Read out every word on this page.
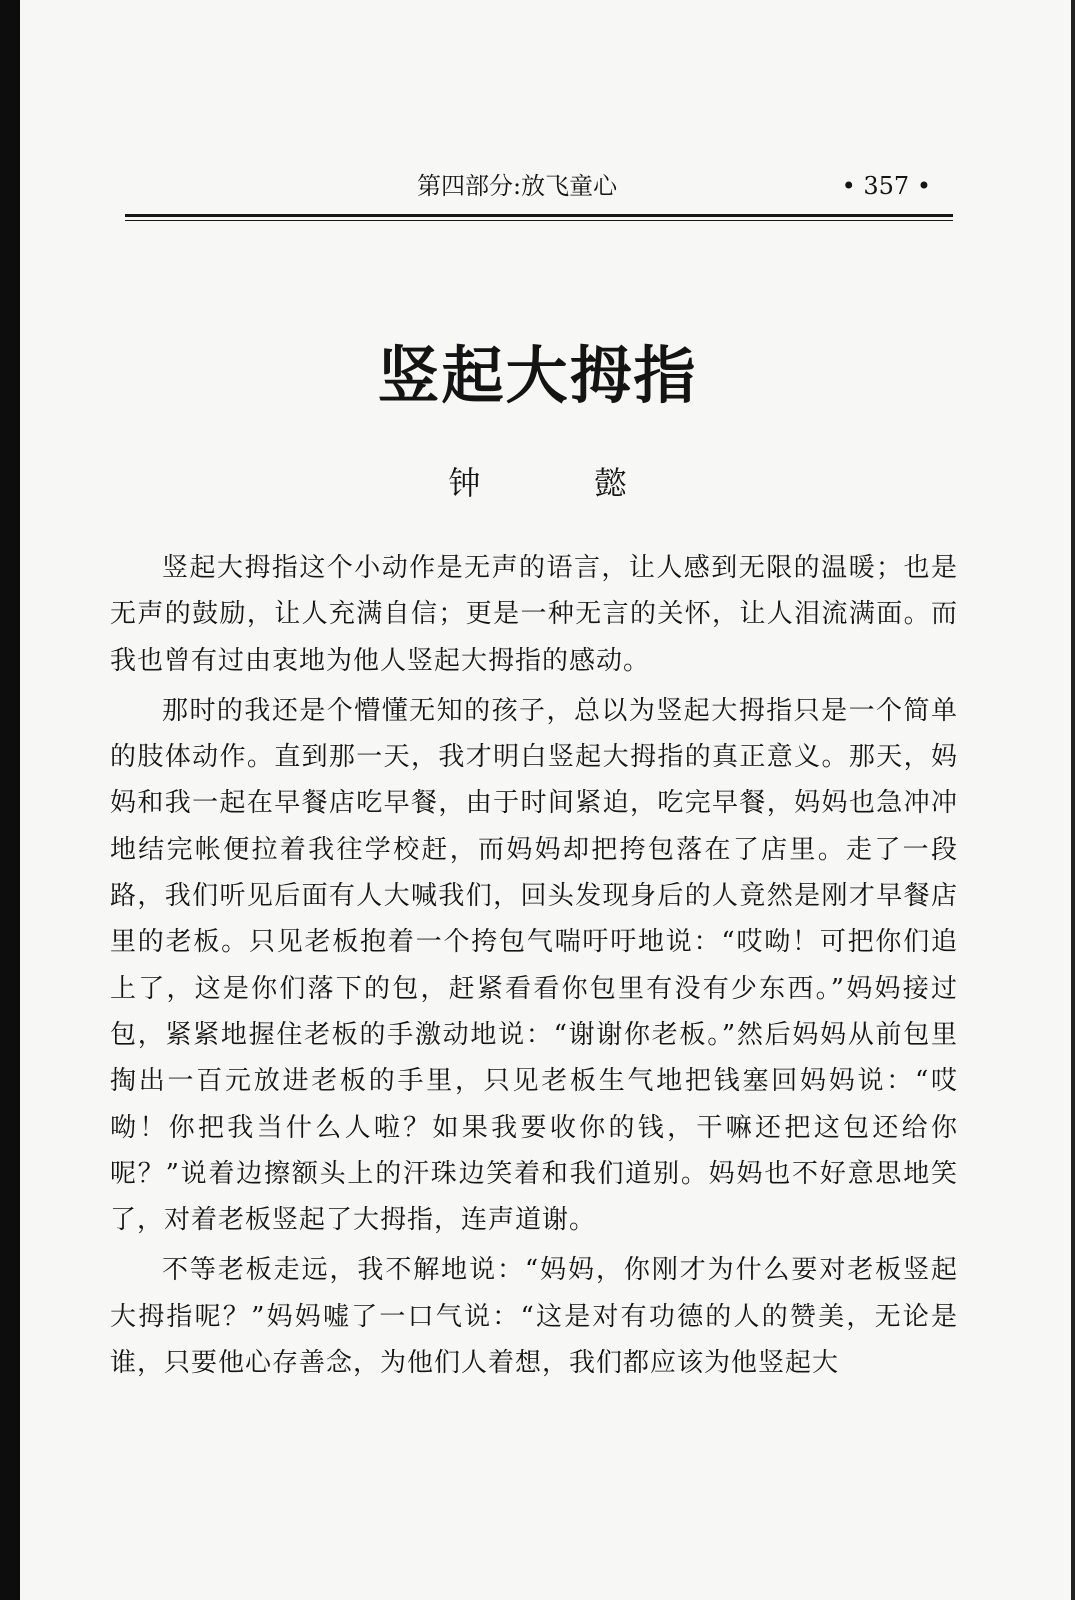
第四部分:放飞童心	• 357 •
竖起大拇指
钟 懿

竖起大拇指这个小动作是无声的语言，让人感到无限的温暖；也是无声的鼓励，让人充满自信；更是一种无言的关怀，让人泪流满面。而我也曾有过由衷地为他人竖起大拇指的感动。

那时的我还是个懵懂无知的孩子，总以为竖起大拇指只是一个简单的肢体动作。直到那一天，我才明白竖起大拇指的真正意义。那天，妈妈和我一起在早餐店吃早餐，由于时间紧迫，吃完早餐，妈妈也急冲冲地结完帐便拉着我往学校赶，而妈妈却把挎包落在了店里。走了一段路，我们听见后面有人大喊我们，回头发现身后的人竟然是刚才早餐店里的老板。只见老板抱着一个挎包气喘吁吁地说：“哎呦！可把你们追上了，这是你们落下的包，赶紧看看你包里有没有少东西。”妈妈接过包，紧紧地握住老板的手激动地说：“谢谢你老板。”然后妈妈从前包里掏出一百元放进老板的手里，只见老板生气地把钱塞回妈妈说：“哎呦！你把我当什么人啦？如果我要收你的钱，干嘛还把这包还给你呢？”说着边擦额头上的汗珠边笑着和我们道别。妈妈也不好意思地笑了，对着老板竖起了大拇指，连声道谢。

不等老板走远，我不解地说：“妈妈，你刚才为什么要对老板竖起大拇指呢？”妈妈嘘了一口气说：“这是对有功德的人的赞美，无论是谁，只要他心存善念，为他们人着想，我们都应该为他竖起大
